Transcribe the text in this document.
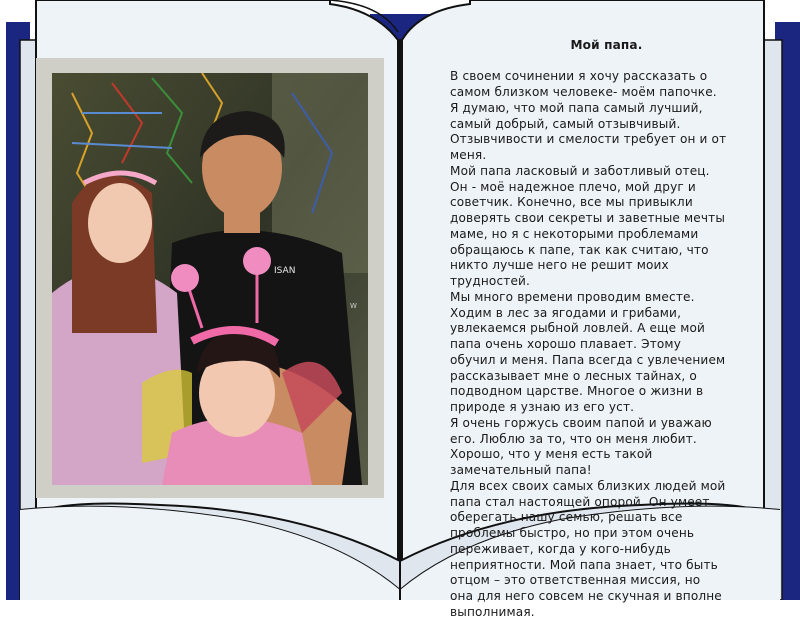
ISAN
W

Мой папа.

В своем сочинении я хочу рассказать о
самом близком человеке- моём папочке.
Я думаю, что мой папа самый лучший,
самый добрый, самый отзывчивый.
Отзывчивости и смелости требует он и от
меня.
Мой папа ласковый и заботливый отец.
Он - моё надежное плечо, мой друг и
советчик. Конечно, все мы привыкли
доверять свои секреты и заветные мечты
маме, но я с некоторыми проблемами
обращаюсь к папе, так как считаю, что
никто лучше него не решит моих
трудностей.
Мы много времени проводим вместе.
Ходим в лес за ягодами и грибами,
увлекаемся рыбной ловлей. А еще мой
папа очень хорошо плавает. Этому
обучил и меня. Папа всегда с увлечением
рассказывает мне о лесных тайнах, о
подводном царстве. Многое о жизни в
природе я узнаю из его уст.
Я очень горжусь своим папой и уважаю
его. Люблю за то, что он меня любит.
Хорошо, что у меня есть такой
замечательный папа!
Для всех своих самых близких людей мой
папа стал настоящей опорой. Он умеет
оберегать нашу семью, решать все
проблемы быстро, но при этом очень
переживает, когда у кого-нибудь
неприятности. Мой папа знает, что быть
отцом – это ответственная миссия, но
она для него совсем не скучная и вполне
выполнимая.
